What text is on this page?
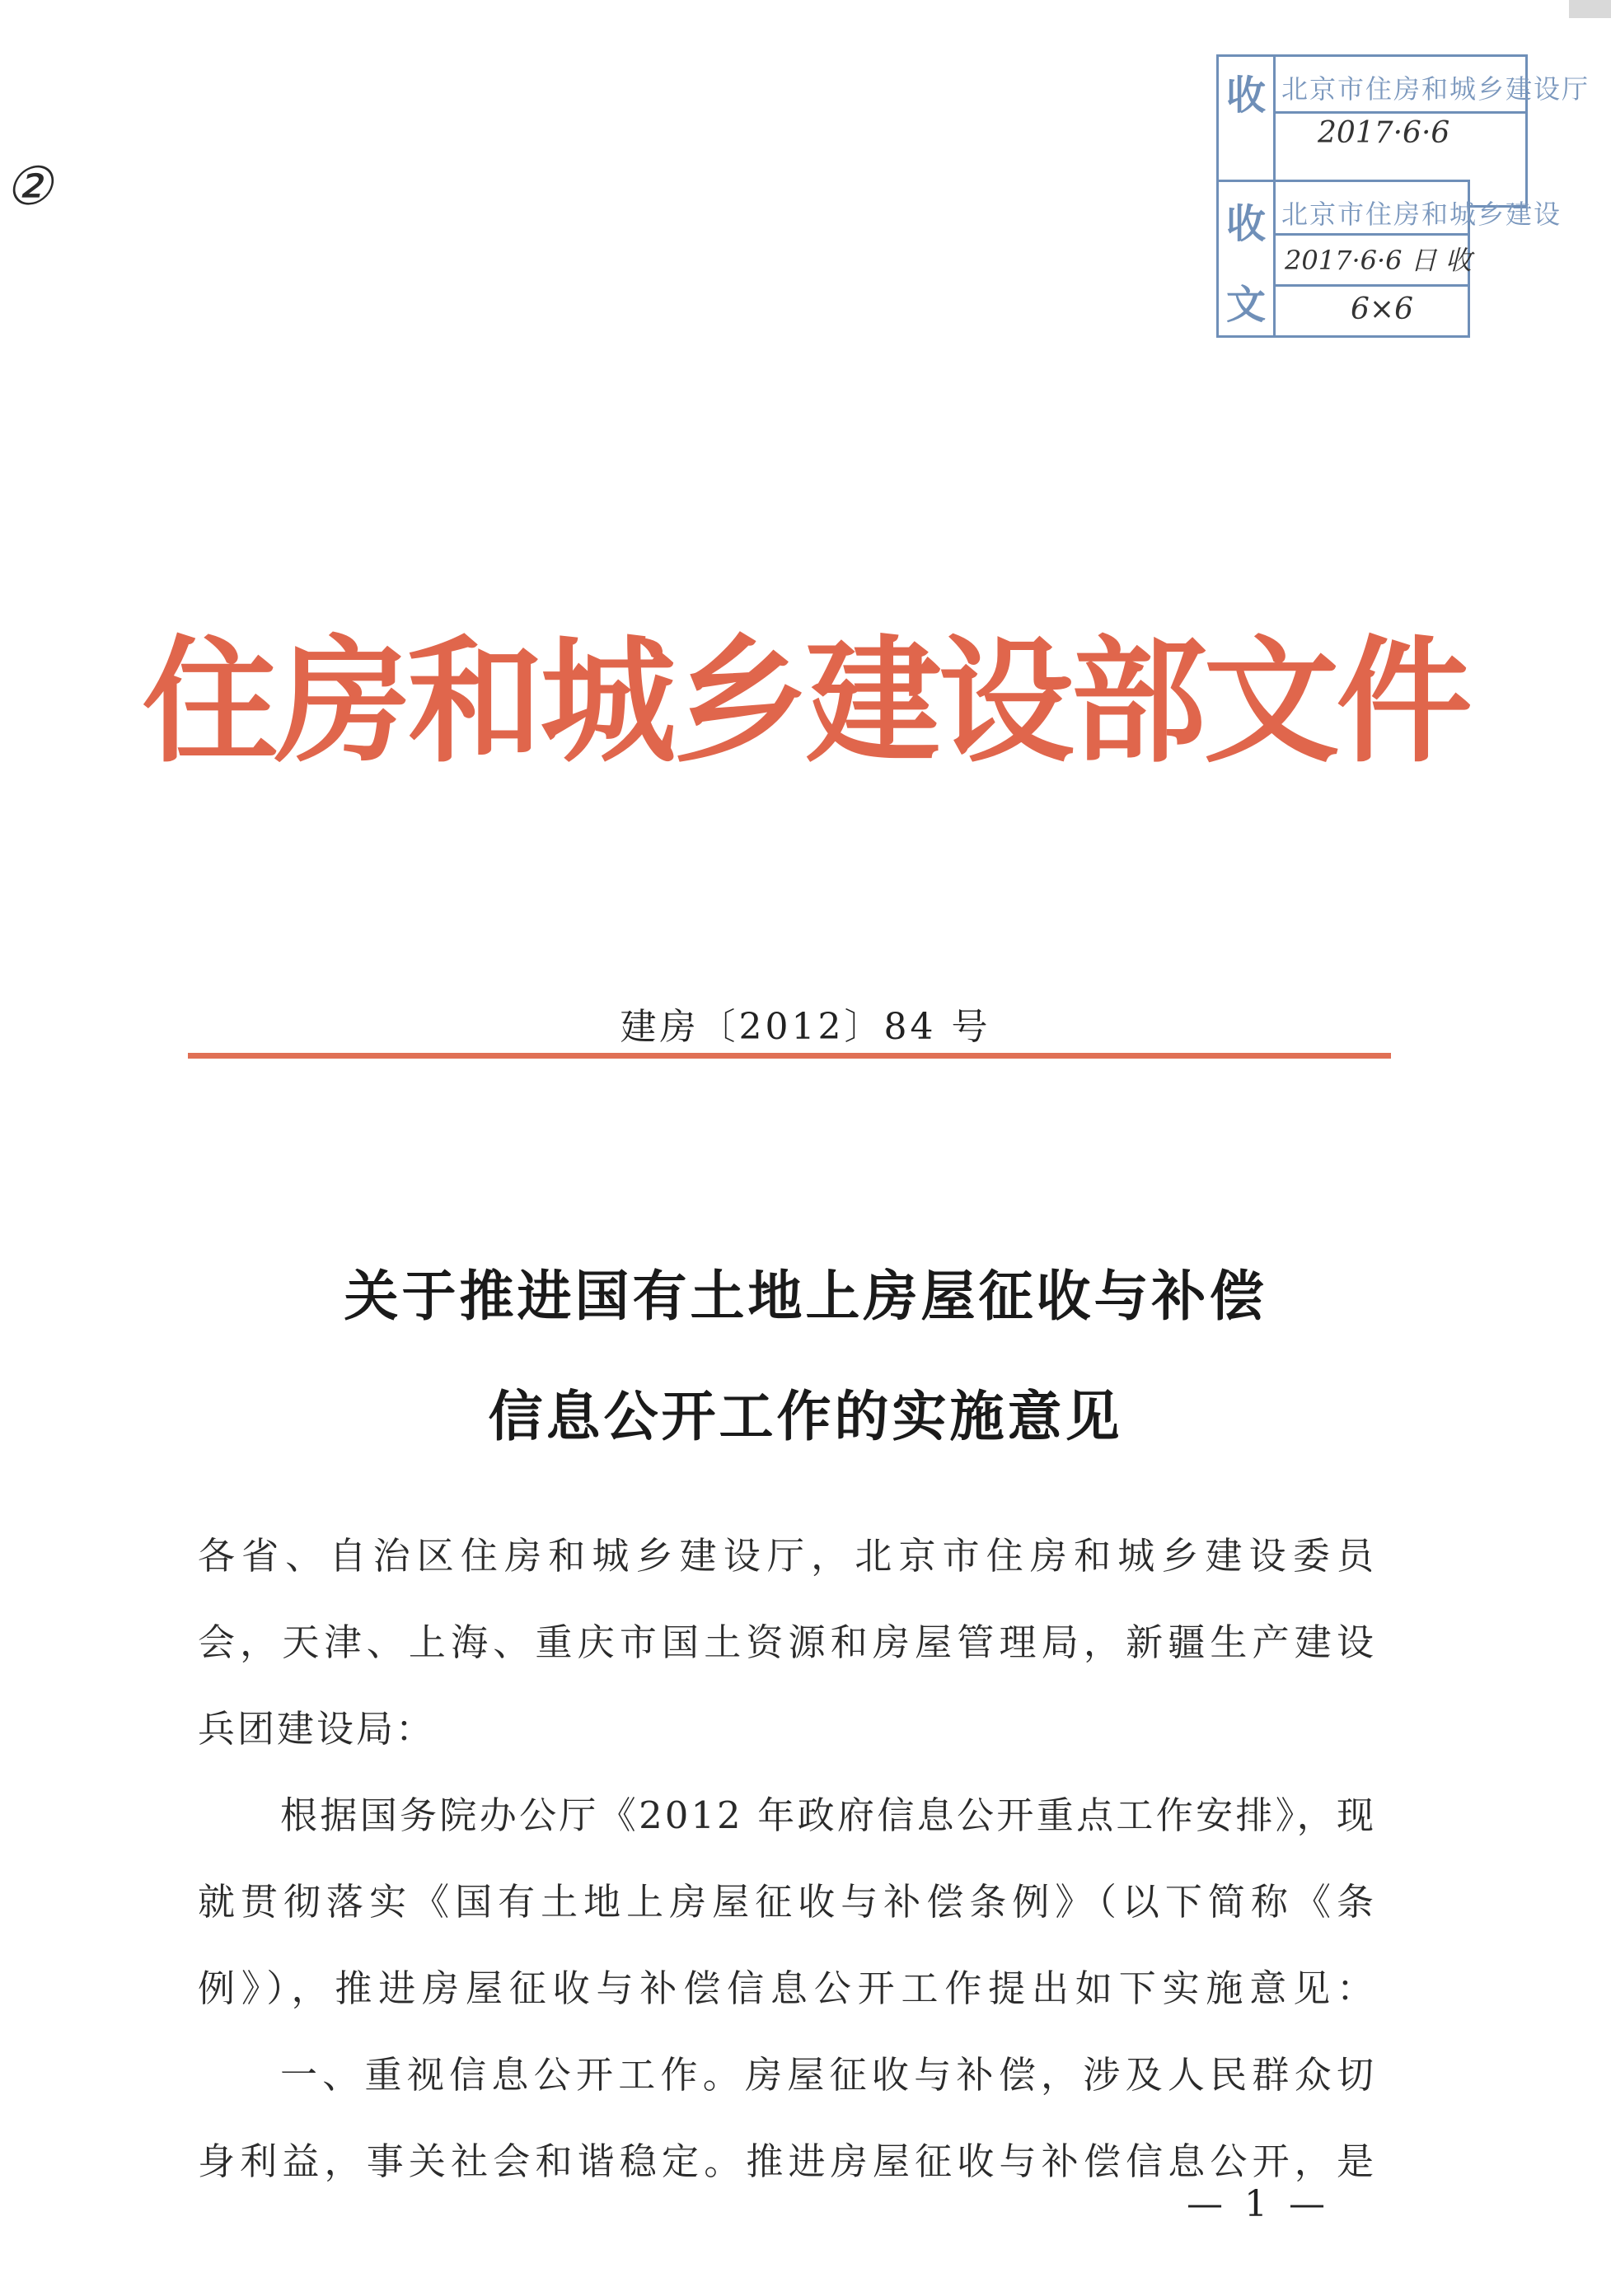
②
收 北京市住房和城乡建设厅
2017·6·6
收
文
北京市住房和城乡建设
2017·6·6 日 收
6×6
住房和城乡建设部文件
建房〔2012〕84 号
关于推进国有土地上房屋征收与补偿
信息公开工作的实施意见
各省、自治区住房和城乡建设厅，北京市住房和城乡建设委员
会，天津、上海、重庆市国土资源和房屋管理局，新疆生产建设
兵团建设局：
根据国务院办公厅《2012 年政府信息公开重点工作安排》，现
就贯彻落实《国有土地上房屋征收与补偿条例》（以下简称《条
例》），推进房屋征收与补偿信息公开工作提出如下实施意见：
一、重视信息公开工作。房屋征收与补偿，涉及人民群众切
身利益，事关社会和谐稳定。推进房屋征收与补偿信息公开，是
— 1 —
